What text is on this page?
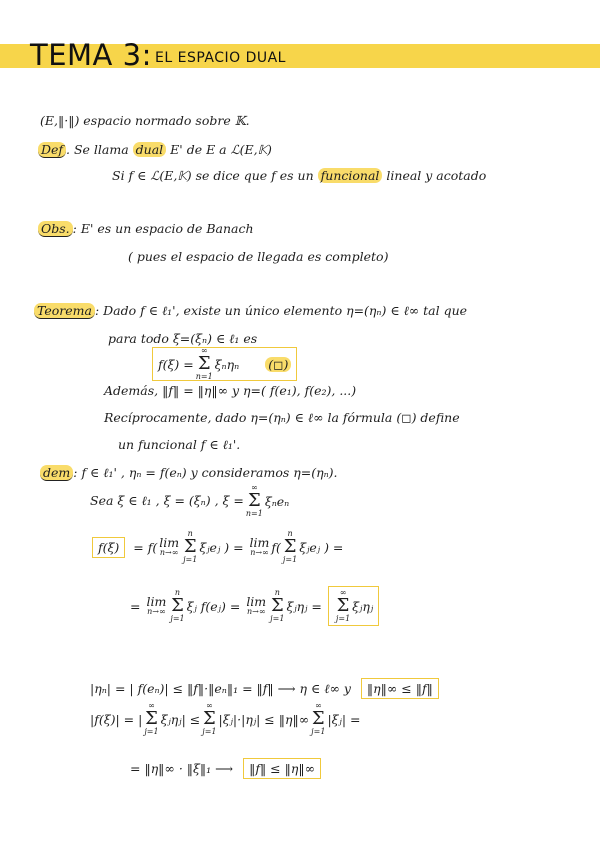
TEMA 3: EL ESPACIO DUAL
(E,‖·‖) espacio normado sobre 𝕂.
Def . Se llama dual E' de E a ℒ(E,𝕂)
Si f ∈ ℒ(E,𝕂) se dice que f es un funcional lineal y acotado
Obs. : E' es un espacio de Banach
( pues el espacio de llegada es completo)
Teorema : Dado f ∈ ℓ₁', existe un único elemento η=(ηₙ) ∈ ℓ∞ tal que
para todo ξ=(ξₙ) ∈ ℓ₁ es
f(ξ) =
∞
Σ
n=1
ξₙηₙ (◻)
Además, ‖f‖ = ‖η‖∞ y η=( f(e₁), f(e₂), ...)
Recíprocamente, dado η=(ηₙ) ∈ ℓ∞ la fórmula (◻) define
un funcional f ∈ ℓ₁'.
dem : f ∈ ℓ₁' , ηₙ = f(eₙ) y consideramos η=(ηₙ).
Sea ξ ∈ ℓ₁ , ξ = (ξₙ) , ξ =
∞
Σ
n=1
ξₙeₙ
f(ξ)	= f( lim
n→∞
n
Σ
j=1
ξⱼeⱼ ) = lim
n→∞ f(
n
Σ
j=1
ξⱼeⱼ ) =
= lim
n→∞
n
Σ
j=1
ξⱼ f(eⱼ) = lim
n→∞
n
Σ
j=1
ξⱼηⱼ =
∞
Σ
j=1
ξⱼηⱼ
|ηₙ| = | f(eₙ)| ≤ ‖f‖·‖eₙ‖₁ = ‖f‖ ⟶ η ∈ ℓ∞ y	‖η‖∞ ≤ ‖f‖
|f(ξ)| = |
∞
Σ
j=1
ξⱼηⱼ| ≤
∞
Σ
j=1
|ξⱼ|·|ηⱼ| ≤ ‖η‖∞
∞
Σ
j=1
|ξⱼ| =
= ‖η‖∞ · ‖ξ‖₁ ⟶	‖f‖ ≤ ‖η‖∞
